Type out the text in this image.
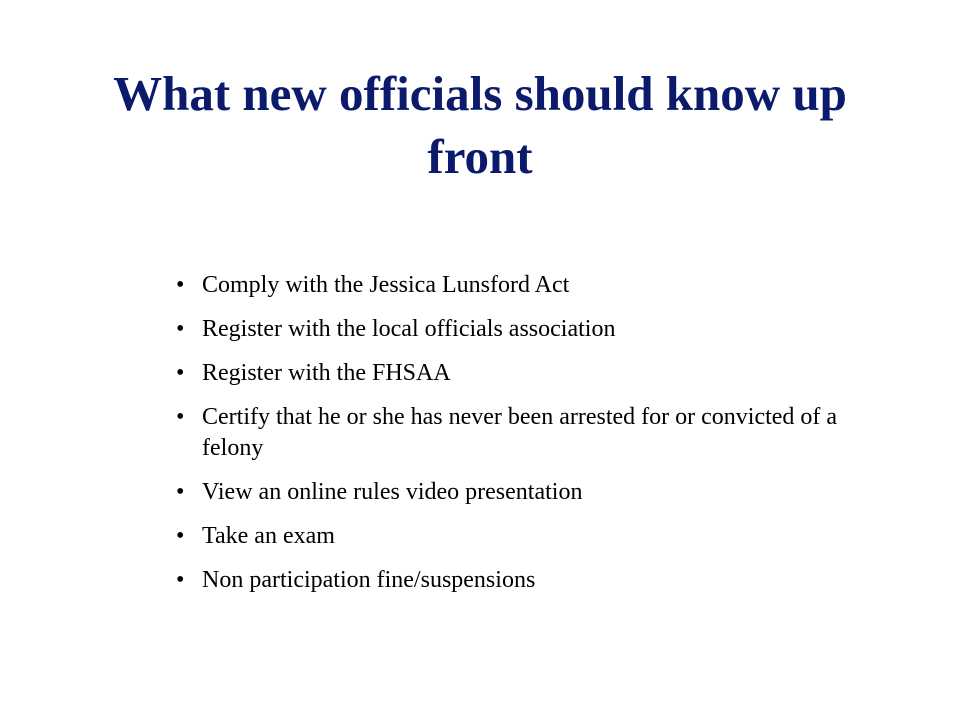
What new officials should know up front
• Comply with the Jessica Lunsford Act
• Register with the local officials association
• Register with the FHSAA
• Certify that he or she has never been arrested for or convicted of a felony
• View an online rules video presentation
• Take an exam
• Non participation fine/suspensions
